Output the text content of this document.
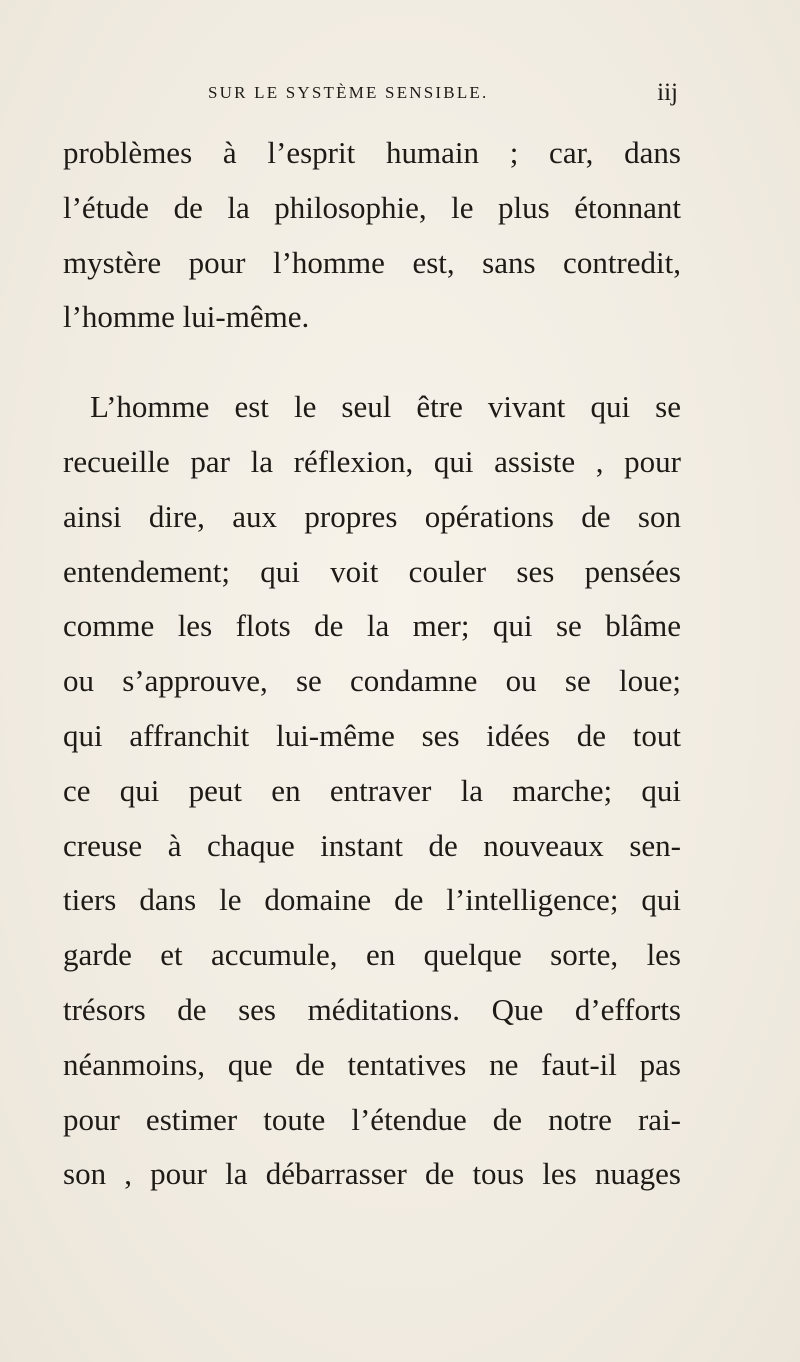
SUR LE SYSTÈME SENSIBLE.	iij
problèmes à l’esprit humain ; car, dans
l’étude de la philosophie, le plus étonnant
mystère pour l’homme est, sans contredit,
l’homme lui-même.
L’homme est le seul être vivant qui se
recueille par la réflexion, qui assiste , pour
ainsi dire, aux propres opérations de son
entendement; qui voit couler ses pensées
comme les flots de la mer; qui se blâme
ou s’approuve, se condamne ou se loue;
qui affranchit lui-même ses idées de tout
ce qui peut en entraver la marche; qui
creuse à chaque instant de nouveaux sen-
tiers dans le domaine de l’intelligence; qui
garde et accumule, en quelque sorte, les
trésors de ses méditations. Que d’efforts
néanmoins, que de tentatives ne faut-il pas
pour estimer toute l’étendue de notre rai-
son , pour la débarrasser de tous les nuages
